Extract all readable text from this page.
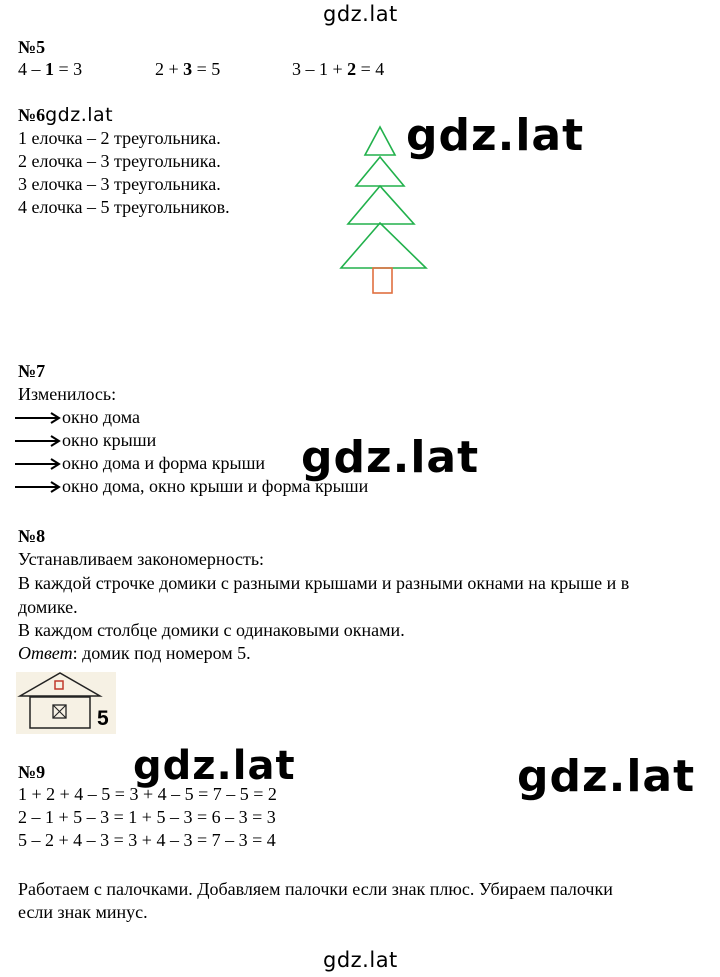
gdz.lat
gdz.lat
gdz.lat
gdz.lat	gdz.lat
gdz.lat
№5
4 – 1 = 3	2 + 3 = 5	3 – 1 + 2 = 4
№6gdz.lat
1 елочка – 2 треугольника.
2 елочка – 3 треугольника.
3 елочка – 3 треугольника.
4 елочка – 5 треугольников.
№7
Изменилось:
окно дома
окно крыши
окно дома и форма крыши
окно дома, окно крыши и форма крыши
№8
Устанавливаем закономерность:
В каждой строчке домики с разными крышами и разными окнами на крыше и в
домике.
В каждом столбце домики с одинаковыми окнами.
Ответ: домик под номером 5.
5
№9
1 + 2 + 4 – 5 = 3 + 4 – 5 = 7 – 5 = 2
2 – 1 + 5 – 3 = 1 + 5 – 3 = 6 – 3 = 3
5 – 2 + 4 – 3 = 3 + 4 – 3 = 7 – 3 = 4
Работаем с палочками. Добавляем палочки если знак плюс. Убираем палочки
если знак минус.
